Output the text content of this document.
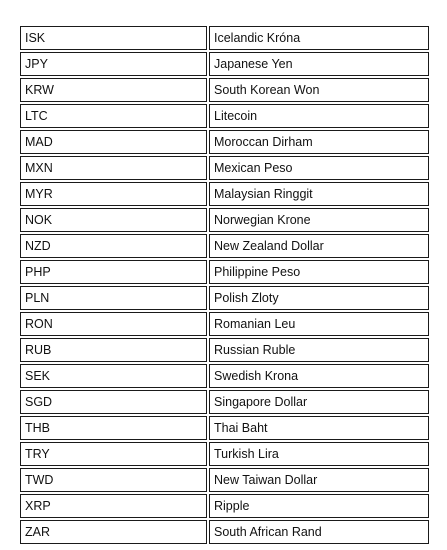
ISK	Icelandic Króna
JPY	Japanese Yen
KRW	South Korean Won
LTC	Litecoin
MAD	Moroccan Dirham
MXN	Mexican Peso
MYR	Malaysian Ringgit
NOK	Norwegian Krone
NZD	New Zealand Dollar
PHP	Philippine Peso
PLN	Polish Zloty
RON	Romanian Leu
RUB	Russian Ruble
SEK	Swedish Krona
SGD	Singapore Dollar
THB	Thai Baht
TRY	Turkish Lira
TWD	New Taiwan Dollar
XRP	Ripple
ZAR	South African Rand
